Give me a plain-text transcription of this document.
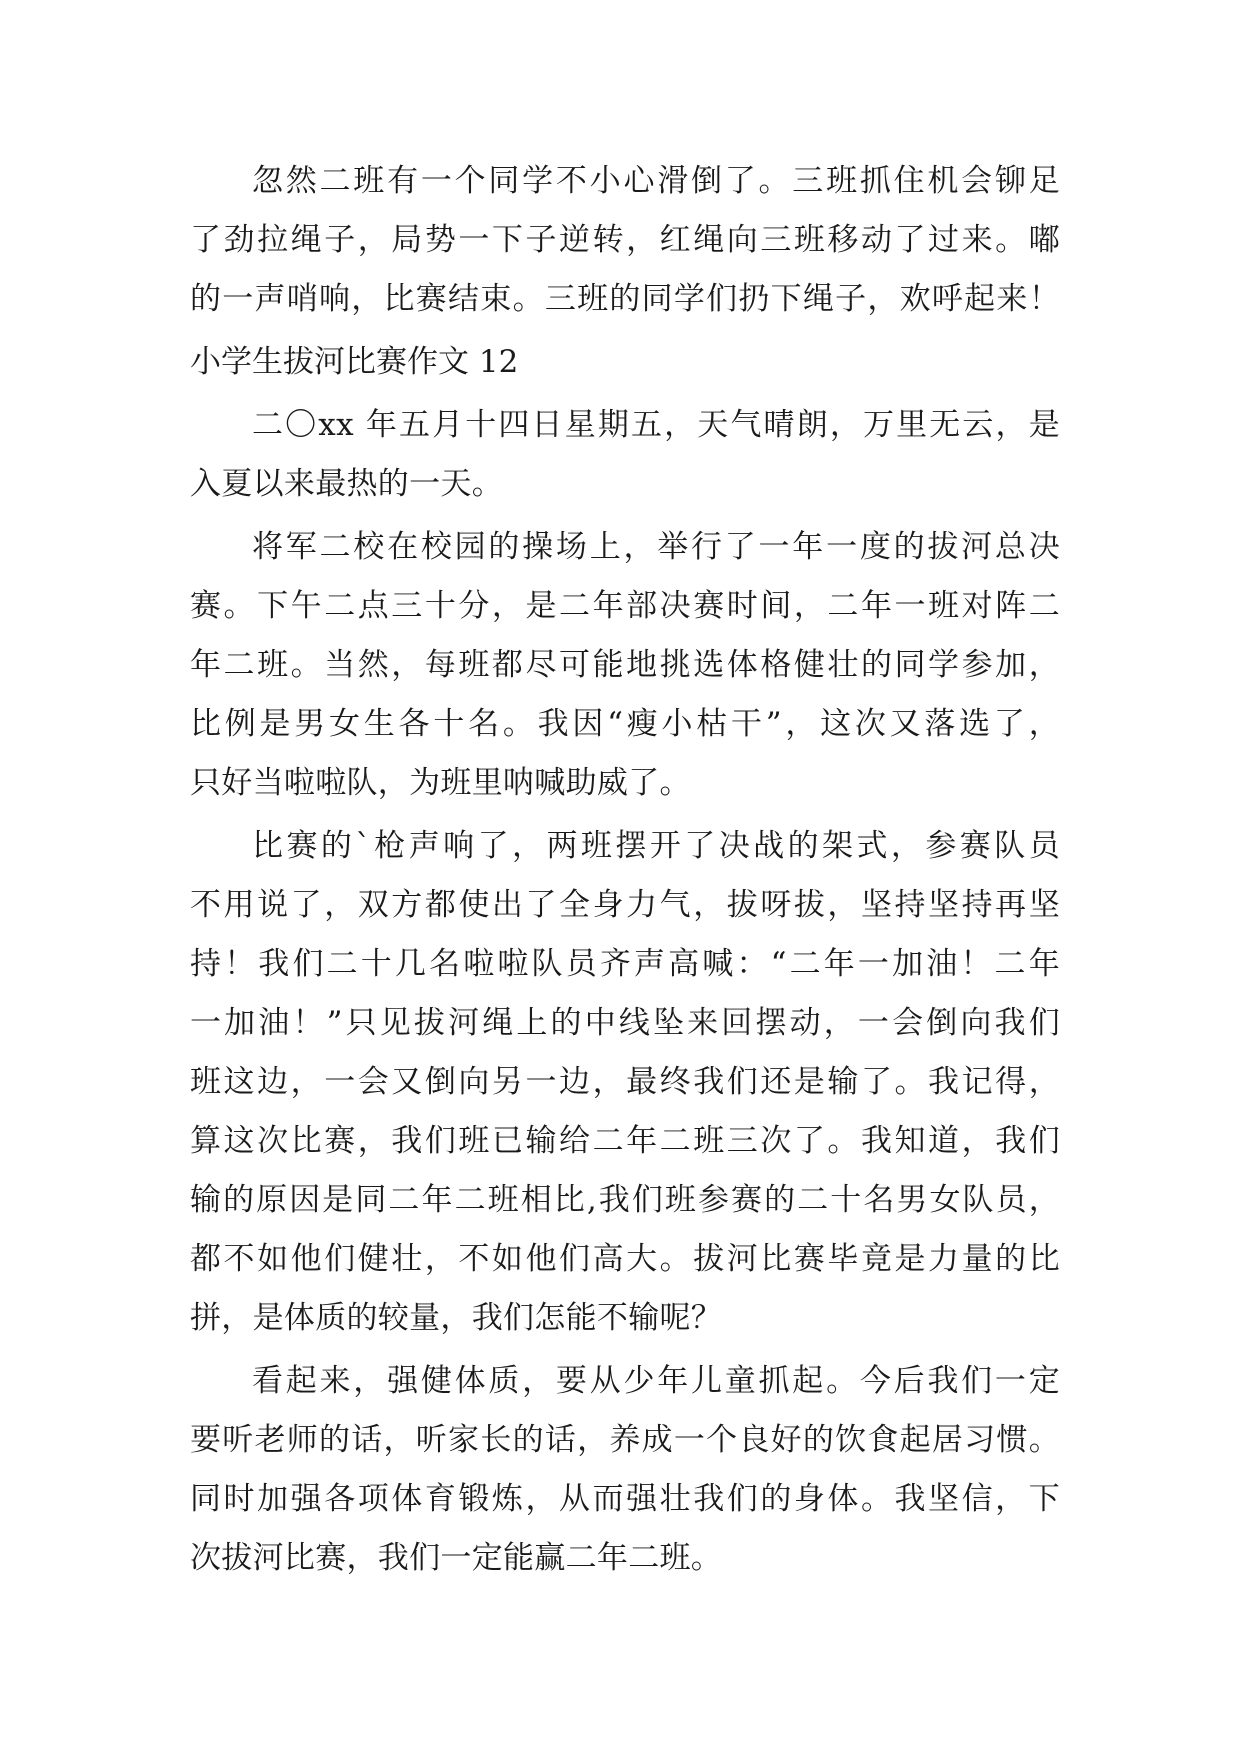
忽然二班有一个同学不小心滑倒了。三班抓住机会铆足
了劲拉绳子，局势一下子逆转，红绳向三班移动了过来。嘟
的一声哨响，比赛结束。三班的同学们扔下绳子，欢呼起来！
小学生拔河比赛作文 12
二〇xx 年五月十四日星期五，天气晴朗，万里无云，是
入夏以来最热的一天。
将军二校在校园的操场上，举行了一年一度的拔河总决
赛。下午二点三十分，是二年部决赛时间，二年一班对阵二
年二班。当然，每班都尽可能地挑选体格健壮的同学参加，
比例是男女生各十名。我因“瘦小枯干”，这次又落选了，
只好当啦啦队，为班里呐喊助威了。
比赛的`枪声响了，两班摆开了决战的架式，参赛队员
不用说了，双方都使出了全身力气，拔呀拔，坚持坚持再坚
持！我们二十几名啦啦队员齐声高喊：“二年一加油！二年
一加油！”只见拔河绳上的中线坠来回摆动，一会倒向我们
班这边，一会又倒向另一边，最终我们还是输了。我记得，
算这次比赛，我们班已输给二年二班三次了。我知道，我们
输的原因是同二年二班相比,我们班参赛的二十名男女队员，
都不如他们健壮，不如他们高大。拔河比赛毕竟是力量的比
拼，是体质的较量，我们怎能不输呢？
看起来，强健体质，要从少年儿童抓起。今后我们一定
要听老师的话，听家长的话，养成一个良好的饮食起居习惯。
同时加强各项体育锻炼，从而强壮我们的身体。我坚信，下
次拔河比赛，我们一定能赢二年二班。
